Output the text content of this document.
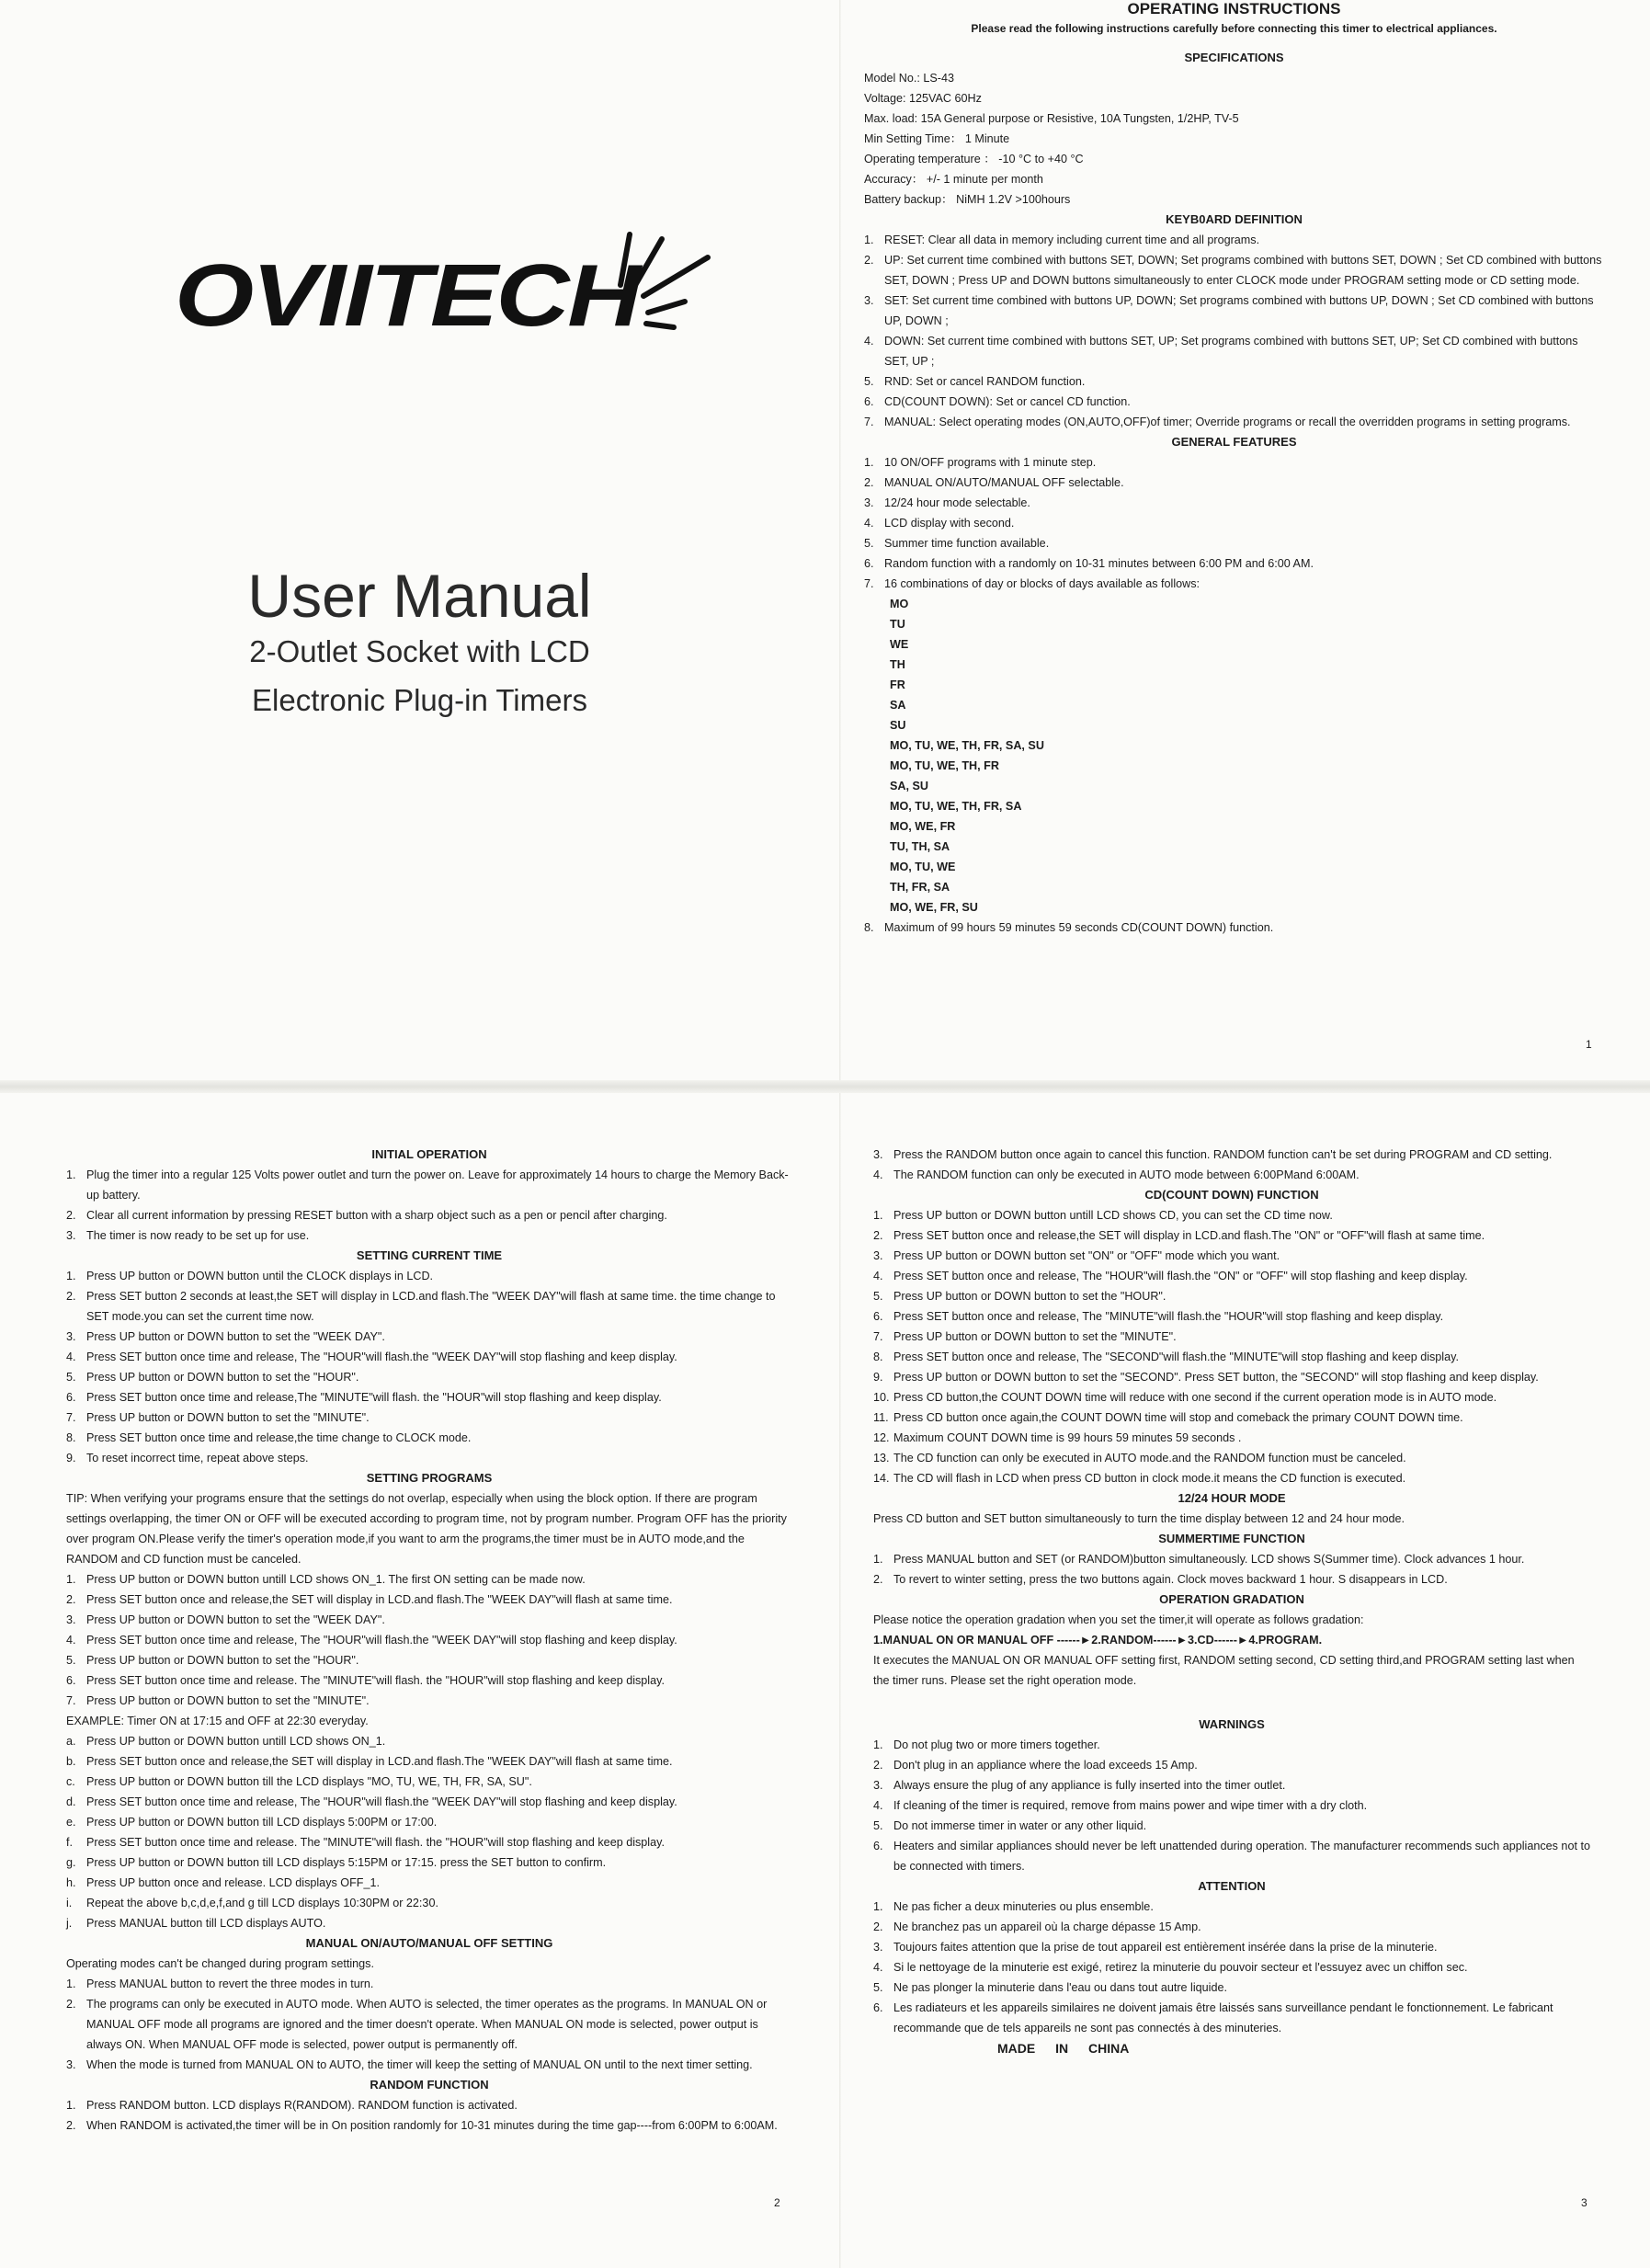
OVIITECH
User Manual
2-Outlet Socket with LCD
Electronic Plug-in Timers

OPERATING INSTRUCTIONS

Please read the following instructions carefully before connecting this timer to electrical appliances.

SPECIFICATIONS

Model No.: LS-43

Voltage: 125VAC 60Hz

Max. load: 15A General purpose or Resistive, 10A Tungsten, 1/2HP, TV-5

Min Setting Time： 1 Minute

Operating temperature ： -10 °C to +40 °C

Accuracy： +/- 1 minute per month

Battery backup： NiMH 1.2V >100hours

KEYB0ARD DEFINITION

1. RESET: Clear all data in memory including current time and all programs.
2. UP: Set current time combined with buttons SET, DOWN; Set programs combined with buttons SET, DOWN ; Set CD combined with buttons SET, DOWN ; Press UP and DOWN buttons simultaneously to enter CLOCK mode under PROGRAM setting mode or CD setting mode.
3. SET: Set current time combined with buttons UP, DOWN; Set programs combined with buttons UP, DOWN ; Set CD combined with buttons UP, DOWN ;
4. DOWN: Set current time combined with buttons SET, UP; Set programs combined with buttons SET, UP; Set CD combined with buttons SET, UP ;
5. RND: Set or cancel RANDOM function.
6. CD(COUNT DOWN): Set or cancel CD function.
7. MANUAL: Select operating modes (ON,AUTO,OFF)of timer; Override programs or recall the overridden programs in setting programs.

GENERAL FEATURES

1. 10 ON/OFF programs with 1 minute step.
2. MANUAL ON/AUTO/MANUAL OFF selectable.
3. 12/24 hour mode selectable.
4. LCD display with second.
5. Summer time function available.
6. Random function with a randomly on 10-31 minutes between 6:00 PM and 6:00 AM.
7. 16 combinations of day or blocks of days available as follows:

MO

TU

WE

TH

FR

SA

SU

MO, TU, WE, TH, FR, SA, SU

MO, TU, WE, TH, FR

SA, SU

MO, TU, WE, TH, FR, SA

MO, WE, FR

TU, TH, SA

MO, TU, WE

TH, FR, SA

MO, WE, FR, SU

8. Maximum of 99 hours 59 minutes 59 seconds CD(COUNT DOWN) function.
1

INITIAL OPERATION

1. Plug the timer into a regular 125 Volts power outlet and turn the power on. Leave for approximately 14 hours to charge the Memory Back-up battery.
2. Clear all current information by pressing RESET button with a sharp object such as a pen or pencil after charging.
3. The timer is now ready to be set up for use.

SETTING CURRENT TIME

1. Press UP button or DOWN button until the CLOCK displays in LCD.
2. Press SET button 2 seconds at least,the SET will display in LCD.and flash.The "WEEK DAY"will flash at same time. the time change to SET mode.you can set the current time now.
3. Press UP button or DOWN button to set the "WEEK DAY".
4. Press SET button once time and release, The "HOUR"will flash.the "WEEK DAY"will stop flashing and keep display.
5. Press UP button or DOWN button to set the "HOUR".
6. Press SET button once time and release,The "MINUTE"will flash. the "HOUR"will stop flashing and keep display.
7. Press UP button or DOWN button to set the "MINUTE".
8. Press SET button once time and release,the time change to CLOCK mode.
9. To reset incorrect time, repeat above steps.

SETTING PROGRAMS

TIP: When verifying your programs ensure that the settings do not overlap, especially when using the block option. If there are program settings overlapping, the timer ON or OFF will be executed according to program time, not by program number. Program OFF has the priority over program ON.Please verify the timer's operation mode,if you want to arm the programs,the timer must be in AUTO mode,and the RANDOM and CD function must be canceled.

1. Press UP button or DOWN button untill LCD shows ON_1. The first ON setting can be made now.
2. Press SET button once and release,the SET will display in LCD.and flash.The "WEEK DAY"will flash at same time.
3. Press UP button or DOWN button to set the "WEEK DAY".
4. Press SET button once time and release, The "HOUR"will flash.the "WEEK DAY"will stop flashing and keep display.
5. Press UP button or DOWN button to set the "HOUR".
6. Press SET button once time and release. The "MINUTE"will flash. the "HOUR"will stop flashing and keep display.
7. Press UP button or DOWN button to set the "MINUTE".

EXAMPLE: Timer ON at 17:15 and OFF at 22:30 everyday.

a. Press UP button or DOWN button untill LCD shows ON_1.
b. Press SET button once and release,the SET will display in LCD.and flash.The "WEEK DAY"will flash at same time.
c. Press UP button or DOWN button till the LCD displays "MO, TU, WE, TH, FR, SA, SU".
d. Press SET button once time and release, The "HOUR"will flash.the "WEEK DAY"will stop flashing and keep display.
e. Press UP button or DOWN button till LCD displays 5:00PM or 17:00.
f. Press SET button once time and release. The "MINUTE"will flash. the "HOUR"will stop flashing and keep display.
g. Press UP button or DOWN button till LCD displays 5:15PM or 17:15. press the SET button to confirm.
h. Press UP button once and release. LCD displays OFF_1.
i. Repeat the above b,c,d,e,f,and g till LCD displays 10:30PM or 22:30.
j. Press MANUAL button till LCD displays AUTO.

MANUAL ON/AUTO/MANUAL OFF SETTING

Operating modes can't be changed during program settings.

1. Press MANUAL button to revert the three modes in turn.
2. The programs can only be executed in AUTO mode. When AUTO is selected, the timer operates as the programs. In MANUAL ON or MANUAL OFF mode all programs are ignored and the timer doesn't operate. When MANUAL ON mode is selected, power output is always ON. When MANUAL OFF mode is selected, power output is permanently off.
3. When the mode is turned from MANUAL ON to AUTO, the timer will keep the setting of MANUAL ON until to the next timer setting.

RANDOM FUNCTION

1. Press RANDOM button. LCD displays R(RANDOM). RANDOM function is activated.
2. When RANDOM is activated,the timer will be in On position randomly for 10-31 minutes during the time gap----from 6:00PM to 6:00AM.
2
3. Press the RANDOM button once again to cancel this function. RANDOM function can't be set during PROGRAM and CD setting.
4. The RANDOM function can only be executed in AUTO mode between 6:00PMand 6:00AM.

CD(COUNT DOWN) FUNCTION

1. Press UP button or DOWN button untill LCD shows CD, you can set the CD time now.
2. Press SET button once and release,the SET will display in LCD.and flash.The "ON" or "OFF"will flash at same time.
3. Press UP button or DOWN button set "ON" or "OFF" mode which you want.
4. Press SET button once and release, The "HOUR"will flash.the "ON" or "OFF" will stop flashing and keep display.
5. Press UP button or DOWN button to set the "HOUR".
6. Press SET button once and release, The "MINUTE"will flash.the "HOUR"will stop flashing and keep display.
7. Press UP button or DOWN button to set the "MINUTE".
8. Press SET button once and release, The "SECOND"will flash.the "MINUTE"will stop flashing and keep display.
9. Press UP button or DOWN button to set the "SECOND". Press SET button, the "SECOND" will stop flashing and keep display.
10. Press CD button,the COUNT DOWN time will reduce with one second if the current operation mode is in AUTO mode.
11. Press CD button once again,the COUNT DOWN time will stop and comeback the primary COUNT DOWN time.
12. Maximum COUNT DOWN time is 99 hours 59 minutes 59 seconds .
13. The CD function can only be executed in AUTO mode.and the RANDOM function must be canceled.
14. The CD will flash in LCD when press CD button in clock mode.it means the CD function is executed.

12/24 HOUR MODE

Press CD button and SET button simultaneously to turn the time display between 12 and 24 hour mode.

SUMMERTIME FUNCTION

1. Press MANUAL button and SET (or RANDOM)button simultaneously. LCD shows S(Summer time). Clock advances 1 hour.
2. To revert to winter setting, press the two buttons again. Clock moves backward 1 hour. S disappears in LCD.

OPERATION GRADATION

Please notice the operation gradation when you set the timer,it will operate as follows gradation:

1.MANUAL ON OR MANUAL OFF ------►2.RANDOM------►3.CD------►4.PROGRAM.

It executes the MANUAL ON OR MANUAL OFF setting first, RANDOM setting second, CD setting third,and PROGRAM setting last when the timer runs. Please set the right operation mode.

WARNINGS

1. Do not plug two or more timers together.
2. Don't plug in an appliance where the load exceeds 15 Amp.
3. Always ensure the plug of any appliance is fully inserted into the timer outlet.
4. If cleaning of the timer is required, remove from mains power and wipe timer with a dry cloth.
5. Do not immerse timer in water or any other liquid.
6. Heaters and similar appliances should never be left unattended during operation. The manufacturer recommends such appliances not to be connected with timers.

ATTENTION

1. Ne pas ficher a deux minuteries ou plus ensemble.
2. Ne branchez pas un appareil où la charge dépasse 15 Amp.
3. Toujours faites attention que la prise de tout appareil est entièrement insérée dans la prise de la minuterie.
4. Si le nettoyage de la minuterie est exigé, retirez la minuterie du pouvoir secteur et l'essuyez avec un chiffon sec.
5. Ne pas plonger la minuterie dans l'eau ou dans tout autre liquide.
6. Les radiateurs et les appareils similaires ne doivent jamais être laissés sans surveillance pendant le fonctionnement. Le fabricant recommande que de tels appareils ne sont pas connectés à des minuteries.

MADE IN CHINA

3
